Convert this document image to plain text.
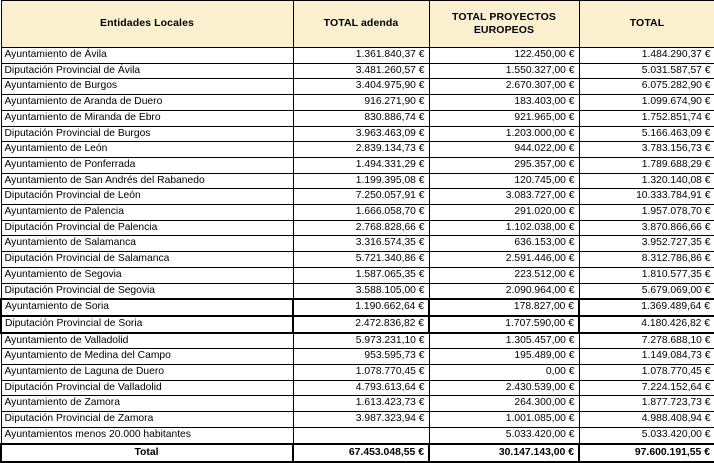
Entidades Locales	TOTAL adenda	TOTAL PROYECTOS EUROPEOS	TOTAL
Ayuntamiento de Ávila	1.361.840,37 €	122.450,00 €	1.484.290,37 €
Diputación Provincial de Ávila	3.481.260,57 €	1.550.327,00 €	5.031.587,57 €
Ayuntamiento de Burgos	3.404.975,90 €	2.670.307,00 €	6.075.282,90 €
Ayuntamiento de Aranda de Duero	916.271,90 €	183.403,00 €	1.099.674,90 €
Ayuntamiento de Miranda de Ebro	830.886,74 €	921.965,00 €	1.752.851,74 €
Diputación Provincial de Burgos	3.963.463,09 €	1.203.000,00 €	5.166.463,09 €
Ayuntamiento de León	2.839.134,73 €	944.022,00 €	3.783.156,73 €
Ayuntamiento de Ponferrada	1.494.331,29 €	295.357,00 €	1.789.688,29 €
Ayuntamiento de San Andrés del Rabanedo	1.199.395,08 €	120.745,00 €	1.320.140,08 €
Diputación Provincial de León	7.250.057,91 €	3.083.727,00 €	10.333.784,91 €
Ayuntamiento de Palencia	1.666.058,70 €	291.020,00 €	1.957.078,70 €
Diputación Provincial de Palencia	2.768.828,66 €	1.102.038,00 €	3.870.866,66 €
Ayuntamiento de Salamanca	3.316.574,35 €	636.153,00 €	3.952.727,35 €
Diputación Provincial de Salamanca	5.721.340,86 €	2.591.446,00 €	8.312.786,86 €
Ayuntamiento de Segovia	1.587.065,35 €	223.512,00 €	1.810.577,35 €
Diputación Provincial de Segovia	3.588.105,00 €	2.090.964,00 €	5.679.069,00 €
Ayuntamiento de Soria	1.190.662,64 €	178.827,00 €	1.369.489,64 €
Diputación Provincial de Soria	2.472.836,82 €	1.707.590,00 €	4.180.426,82 €
Ayuntamiento de Valladolid	5.973.231,10 €	1.305.457,00 €	7.278.688,10 €
Ayuntamiento de Medina del Campo	953.595,73 €	195.489,00 €	1.149.084,73 €
Ayuntamiento de Laguna de Duero	1.078.770,45 €	0,00 €	1.078.770,45 €
Diputación Provincial de Valladolid	4.793.613,64 €	2.430.539,00 €	7.224.152,64 €
Ayuntamiento de Zamora	1.613.423,73 €	264.300,00 €	1.877.723,73 €
Diputación Provincial de Zamora	3.987.323,94 €	1.001.085,00 €	4.988.408,94 €
Ayuntamientos menos 20.000 habitantes		5.033.420,00 €	5.033.420,00 €
Total	67.453.048,55 €	30.147.143,00 €	97.600.191,55 €
